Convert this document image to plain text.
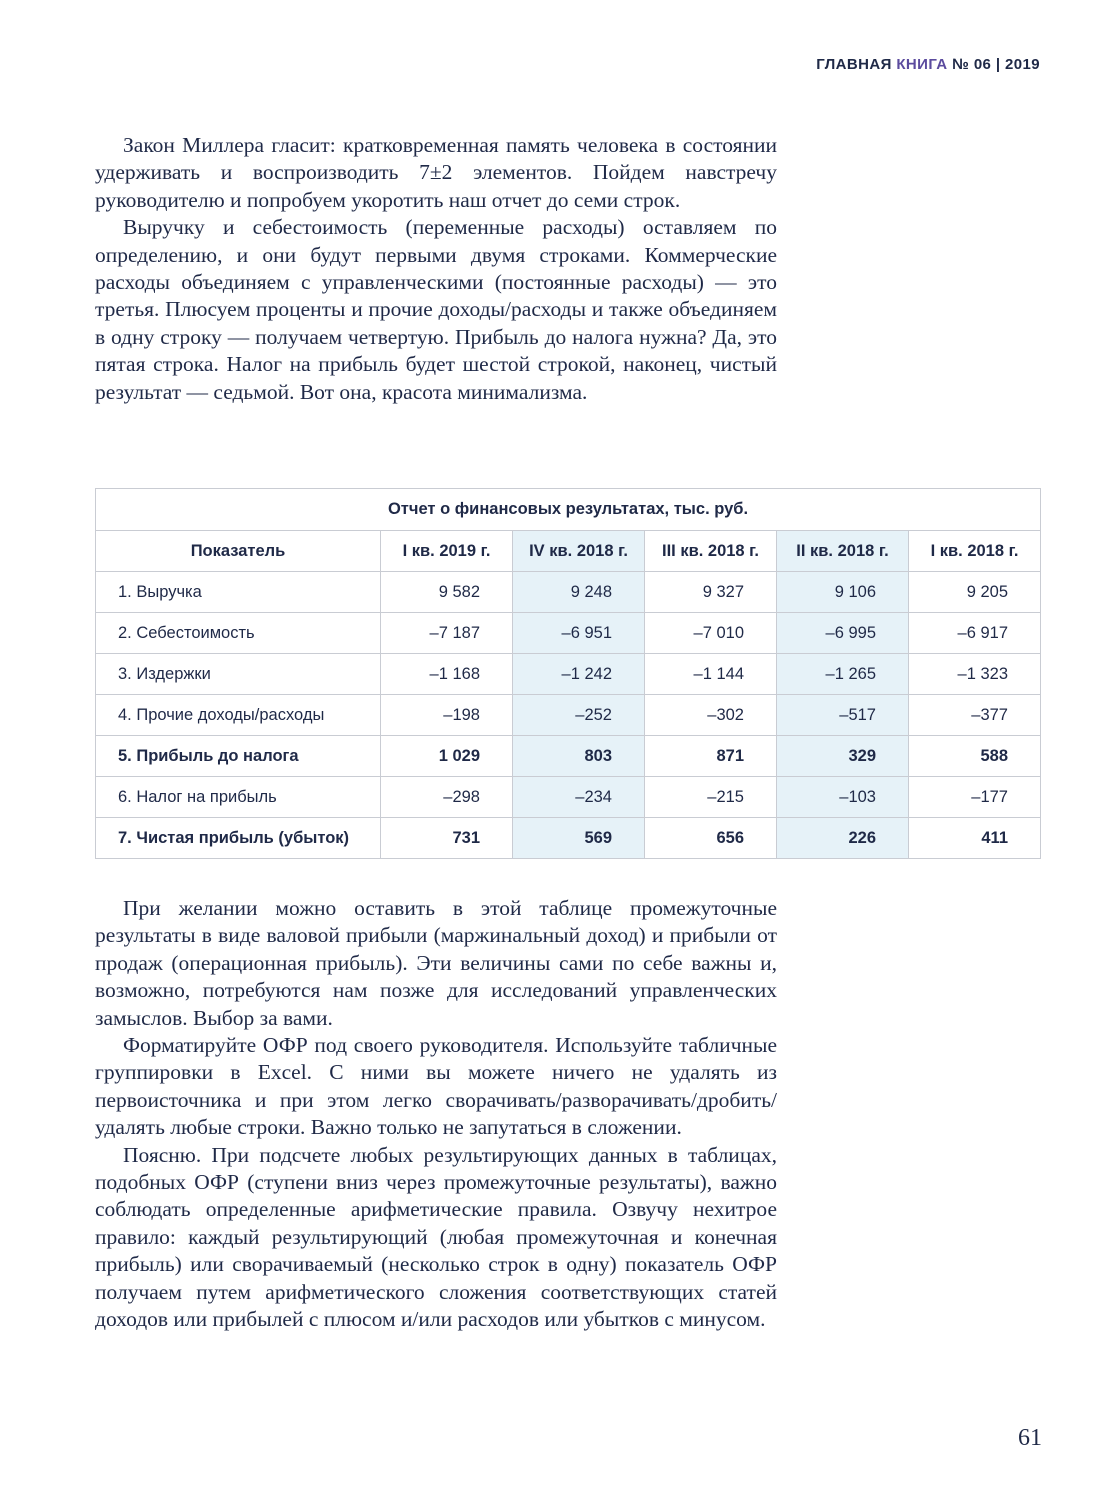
ГЛАВНАЯ КНИГА № 06 | 2019

Закон Миллера гласит: кратковременная память человека в состоянии удерживать и воспроизводить 7±2 элементов. Пойдем навстречу руководителю и попробуем укоротить наш отчет до семи строк.

Выручку и себестоимость (переменные расходы) оставляем по определению, и они будут первыми двумя строками. Коммерческие расходы объединяем с управленческими (постоянные расходы) — это третья. Плюсуем проценты и прочие доходы/расходы и также объединяем в одну строку — получаем четвертую. Прибыль до налога нужна? Да, это пятая строка. Налог на прибыль будет шестой строкой, наконец, чистый результат — седьмой. Вот она, красота минимализма.

Отчет о финансовых результатах, тыс. руб.					
Показатель	I кв. 2019 г.	IV кв. 2018 г.	III кв. 2018 г.	II кв. 2018 г.	I кв. 2018 г.
1. Выручка	9 582	9 248	9 327	9 106	9 205
2. Себестоимость	–7 187	–6 951	–7 010	–6 995	–6 917
3. Издержки	–1 168	–1 242	–1 144	–1 265	–1 323
4. Прочие доходы/расходы	–198	–252	–302	–517	–377
5. Прибыль до налога	1 029	803	871	329	588
6. Налог на прибыль	–298	–234	–215	–103	–177
7. Чистая прибыль (убыток)	731	569	656	226	411

При желании можно оставить в этой таблице промежуточные результаты в виде валовой прибыли (маржинальный доход) и прибыли от продаж (операционная прибыль). Эти величины сами по себе важны и, возможно, потребуются нам позже для исследований управленческих замыслов. Выбор за вами.

Форматируйте ОФР под своего руководителя. Используйте табличные группировки в Excel. С ними вы можете ничего не удалять из первоисточника и при этом легко сворачивать/разворачивать/дробить/удалять любые строки. Важно только не запутаться в сложении.

Поясню. При подсчете любых результирующих данных в таблицах, подобных ОФР (ступени вниз через промежуточные результаты), важно соблюдать определенные арифметические правила. Озвучу нехитрое правило: каждый результирующий (любая промежуточная и конечная прибыль) или сворачиваемый (несколько строк в одну) показатель ОФР получаем путем арифметического сложения соответствующих статей доходов или прибылей с плюсом и/или расходов или убытков с минусом.

61
